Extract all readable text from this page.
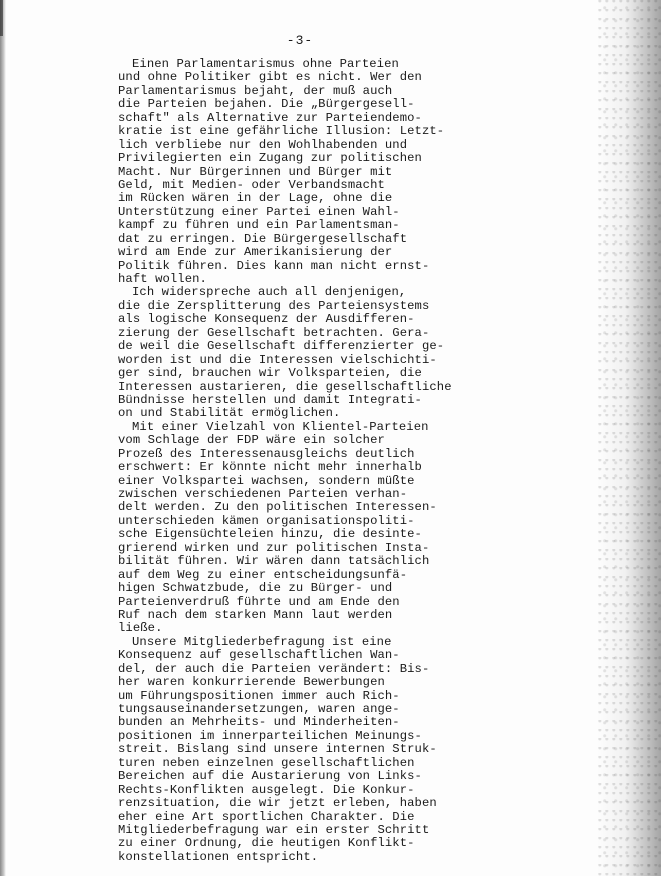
-3-
Einen Parlamentarismus ohne Parteien
und ohne Politiker gibt es nicht. Wer den
Parlamentarismus bejaht, der muß auch
die Parteien bejahen. Die „Bürgergesell-
schaft" als Alternative zur Parteiendemo-
kratie ist eine gefährliche Illusion: Letzt-
lich verbliebe nur den Wohlhabenden und
Privilegierten ein Zugang zur politischen
Macht. Nur Bürgerinnen und Bürger mit
Geld, mit Medien- oder Verbandsmacht
im Rücken wären in der Lage, ohne die
Unterstützung einer Partei einen Wahl-
kampf zu führen und ein Parlamentsman-
dat zu erringen. Die Bürgergesellschaft
wird am Ende zur Amerikanisierung der
Politik führen. Dies kann man nicht ernst-
haft wollen.
Ich widerspreche auch all denjenigen,
die die Zersplitterung des Parteiensystems
als logische Konsequenz der Ausdifferen-
zierung der Gesellschaft betrachten. Gera-
de weil die Gesellschaft differenzierter ge-
worden ist und die Interessen vielschichti-
ger sind, brauchen wir Volksparteien, die
Interessen austarieren, die gesellschaftliche
Bündnisse herstellen und damit Integrati-
on und Stabilität ermöglichen.
Mit einer Vielzahl von Klientel-Parteien
vom Schlage der FDP wäre ein solcher
Prozeß des Interessenausgleichs deutlich
erschwert: Er könnte nicht mehr innerhalb
einer Volkspartei wachsen, sondern müßte
zwischen verschiedenen Parteien verhan-
delt werden. Zu den politischen Interessen-
unterschieden kämen organisationspoliti-
sche Eigensüchteleien hinzu, die desinte-
grierend wirken und zur politischen Insta-
bilität führen. Wir wären dann tatsächlich
auf dem Weg zu einer entscheidungsunfä-
higen Schwatzbude, die zu Bürger- und
Parteienverdruß führte und am Ende den
Ruf nach dem starken Mann laut werden
ließe.
Unsere Mitgliederbefragung ist eine
Konsequenz auf gesellschaftlichen Wan-
del, der auch die Parteien verändert: Bis-
her waren konkurrierende Bewerbungen
um Führungspositionen immer auch Rich-
tungsauseinandersetzungen, waren ange-
bunden an Mehrheits- und Minderheiten-
positionen im innerparteilichen Meinungs-
streit. Bislang sind unsere internen Struk-
turen neben einzelnen gesellschaftlichen
Bereichen auf die Austarierung von Links-
Rechts-Konflikten ausgelegt. Die Konkur-
renzsituation, die wir jetzt erleben, haben
eher eine Art sportlichen Charakter. Die
Mitgliederbefragung war ein erster Schritt
zu einer Ordnung, die heutigen Konflikt-
konstellationen entspricht.
